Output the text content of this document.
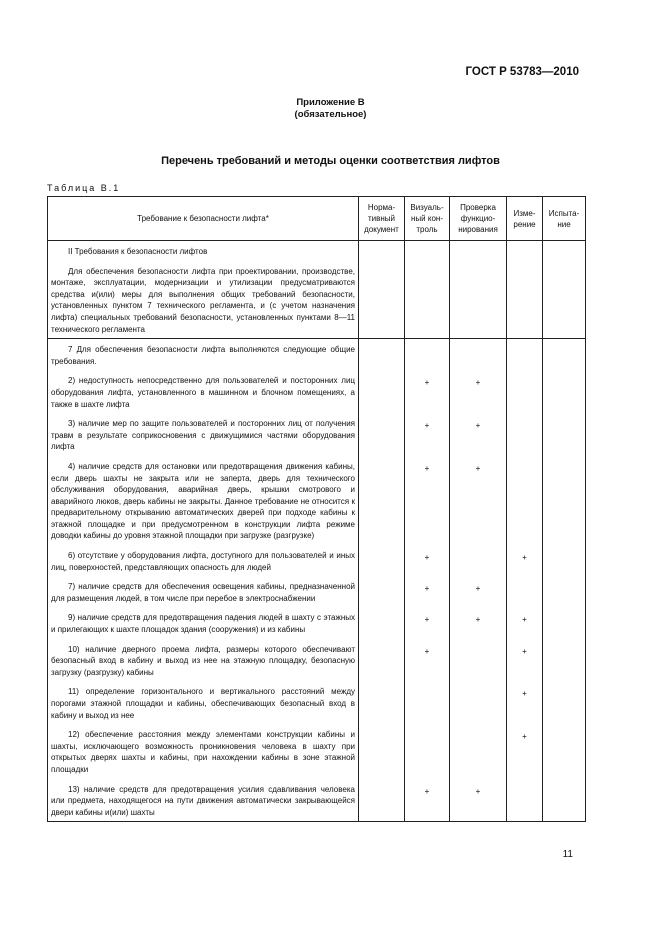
ГОСТ Р 53783—2010
Приложение В
(обязательное)
Перечень требований и методы оценки соответствия лифтов
Таблица В.1
Требование к безопасности лифта*	Норма-тивный документ	Визуаль-ный кон-троль	Проверка функцио-нирования	Изме-рение	Испыта-ние

II Требования к безопасности лифтов					

Для обеспечения безопасности лифта при проектировании, производстве, монтаже, эксплуатации, модернизации и утилизации предусматриваются средства и(или) меры для выполнения общих требований безопасности, установленных пунктом 7 технического регламента, и (с учетом назначения лифта) специальных требований безопасности, установленных пунктами 8—11 технического регламента					

7 Для обеспечения безопасности лифта выполняются следующие общие требования.					

2) недоступность непосредственно для пользователей и посторонних лиц оборудования лифта, установленного в машинном и блочном помещениях, а также в шахте лифта		+	+		

3) наличие мер по защите пользователей и посторонних лиц от получения травм в результате соприкосновения с движущимися частями оборудования лифта		+	+		

4) наличие средств для остановки или предотвращения движения кабины, если дверь шахты не закрыта или не заперта, дверь для технического обслуживания оборудования, аварийная дверь, крышки смотрового и аварийного люков, дверь кабины не закрыты. Данное требование не относится к предварительному открыванию автоматических дверей при подходе кабины к этажной площадке и при предусмотренном в конструкции лифта режиме доводки кабины до уровня этажной площадки при загрузке (разгрузке)		+	+		

6) отсутствие у оборудования лифта, доступного для пользователей и иных лиц, поверхностей, представляющих опасность для людей		+		+	

7) наличие средств для обеспечения освещения кабины, предназначенной для размещения людей, в том числе при перебое в электроснабжении		+	+		

9) наличие средств для предотвращения падения людей в шахту с этажных и прилегающих к шахте площадок здания (сооружения) и из кабины		+	+	+	

10) наличие дверного проема лифта, размеры которого обеспечивают безопасный вход в кабину и выход из нее на этажную площадку, безопасную загрузку (разгрузку) кабины		+		+	

11) определение горизонтального и вертикального расстояний между порогами этажной площадки и кабины, обеспечивающих безопасный вход в кабину и выход из нее				+	

12) обеспечение расстояния между элементами конструкции кабины и шахты, исключающего возможность проникновения человека в шахту при открытых дверях шахты и кабины, при нахождении кабины в зоне этажной площадки				+	

13) наличие средств для предотвращения усилия сдавливания человека или предмета, находящегося на пути движения автоматически закрывающейся двери кабины и(или) шахты		+	+		
11
